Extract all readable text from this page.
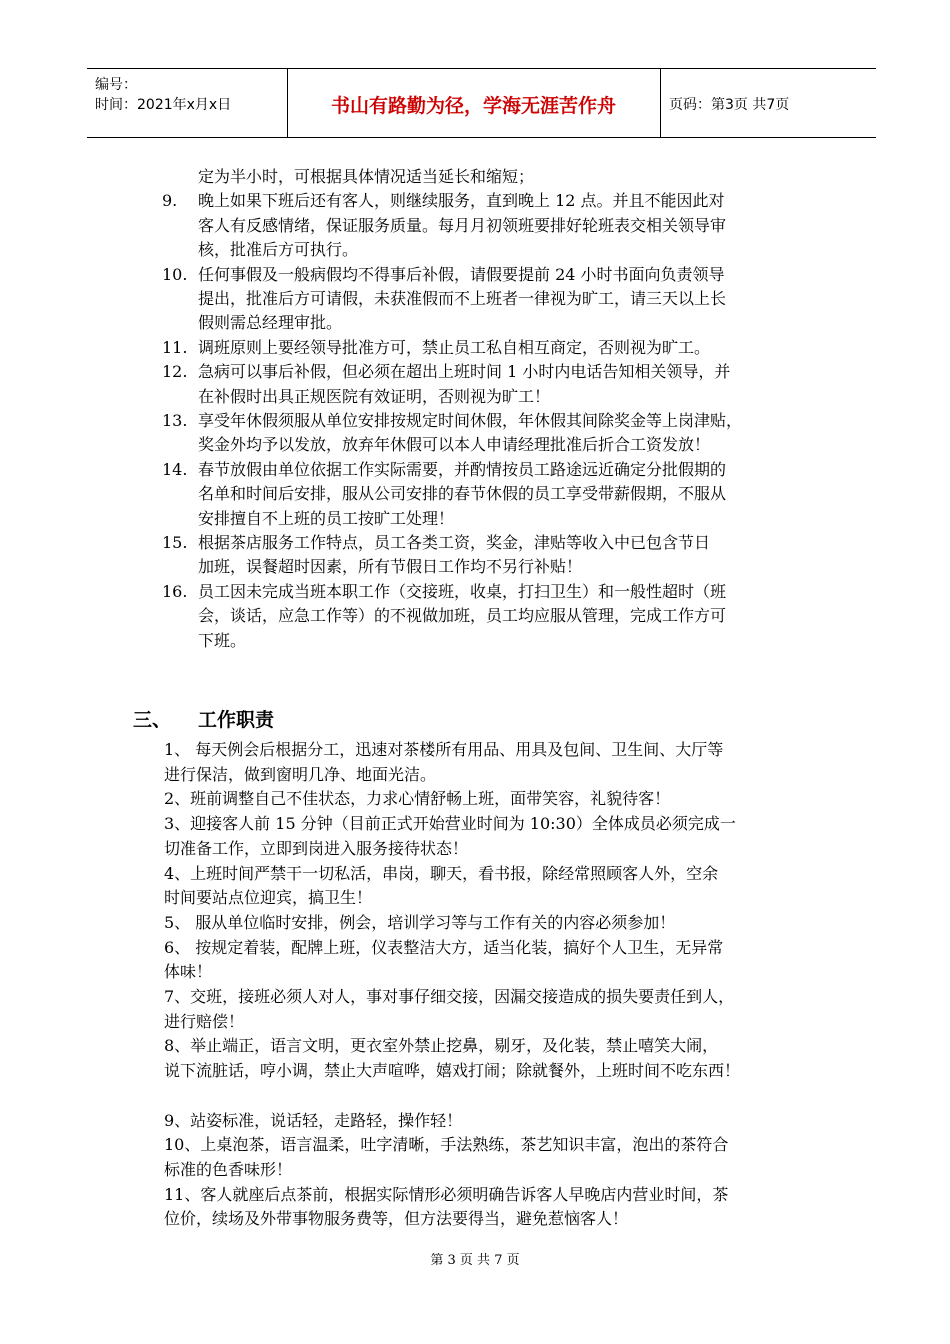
编号：
时间：2021年x月x日	书山有路勤为径，学海无涯苦作舟	页码：第3页 共7页
定为半小时，可根据具体情况适当延长和缩短；
9. 晚上如果下班后还有客人，则继续服务，直到晚上 12 点。并且不能因此对
客人有反感情绪，保证服务质量。每月月初领班要排好轮班表交相关领导审
核，批准后方可执行。
10. 任何事假及一般病假均不得事后补假，请假要提前 24 小时书面向负责领导
提出，批准后方可请假，未获准假而不上班者一律视为旷工，请三天以上长
假则需总经理审批。
11. 调班原则上要经领导批准方可，禁止员工私自相互商定，否则视为旷工。
12. 急病可以事后补假，但必须在超出上班时间 1 小时内电话告知相关领导，并
在补假时出具正规医院有效证明，否则视为旷工！
13. 享受年休假须服从单位安排按规定时间休假，年休假其间除奖金等上岗津贴，
奖金外均予以发放，放弃年休假可以本人申请经理批准后折合工资发放！
14. 春节放假由单位依据工作实际需要，并酌情按员工路途远近确定分批假期的
名单和时间后安排，服从公司安排的春节休假的员工享受带薪假期，不服从
安排擅自不上班的员工按旷工处理！
15. 根据茶店服务工作特点，员工各类工资，奖金，津贴等收入中已包含节日
加班，误餐超时因素，所有节假日工作均不另行补贴！
16. 员工因未完成当班本职工作（交接班，收桌，打扫卫生）和一般性超时（班
会，谈话，应急工作等）的不视做加班，员工均应服从管理，完成工作方可
下班。
三、 工作职责
1、 每天例会后根据分工，迅速对茶楼所有用品、用具及包间、卫生间、大厅等
进行保洁，做到窗明几净、地面光洁。
2、班前调整自己不佳状态，力求心情舒畅上班，面带笑容，礼貌待客！
3、迎接客人前 15 分钟（目前正式开始营业时间为 10:30）全体成员必须完成一
切准备工作，立即到岗进入服务接待状态！
4、上班时间严禁干一切私活，串岗，聊天，看书报，除经常照顾客人外，空余
时间要站点位迎宾，搞卫生！
5、 服从单位临时安排，例会，培训学习等与工作有关的内容必须参加！
6、 按规定着装，配牌上班，仪表整洁大方，适当化装，搞好个人卫生，无异常
体味！
7、交班，接班必须人对人，事对事仔细交接，因漏交接造成的损失要责任到人，
进行赔偿！
8、举止端正，语言文明，更衣室外禁止挖鼻，剔牙，及化装，禁止嘻笑大闹，
说下流脏话，哼小调，禁止大声喧哗，嬉戏打闹；除就餐外，上班时间不吃东西！
9、站姿标准，说话轻，走路轻，操作轻！
10、上桌泡茶，语言温柔，吐字清晰，手法熟练，茶艺知识丰富，泡出的茶符合
标准的色香味形！
11、客人就座后点茶前，根据实际情形必须明确告诉客人早晚店内营业时间，茶
位价，续场及外带事物服务费等，但方法要得当，避免惹恼客人！
第 3 页 共 7 页
